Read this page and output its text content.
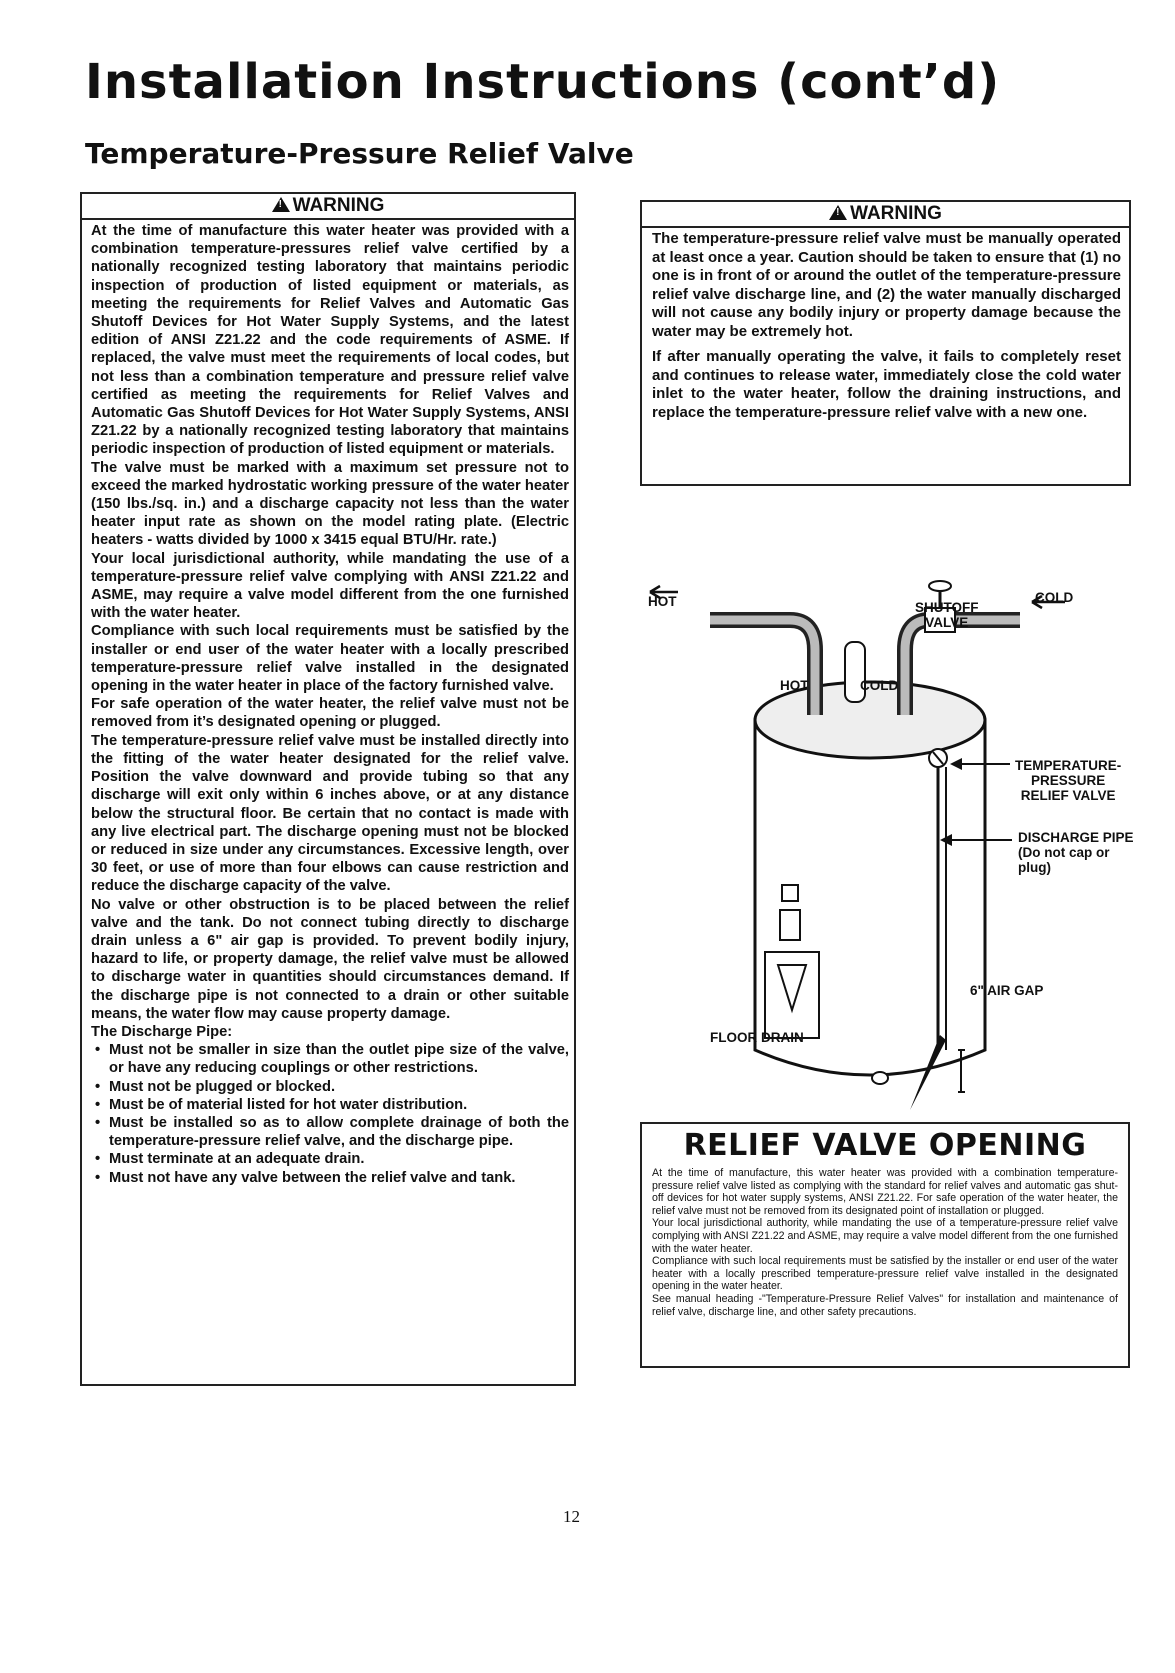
Installation Instructions (cont’d)
Temperature-Pressure Relief Valve
!WARNING

At the time of manufacture this water heater was provided with a combination temperature-pressures relief valve certified by a nationally recognized testing laboratory that maintains periodic inspection of production of listed equipment or materials, as meeting the requirements for Relief Valves and Automatic Gas Shutoff Devices for Hot Water Supply Systems, and the latest edition of ANSI Z21.22 and the code requirements of ASME. If replaced, the valve must meet the requirements of local codes, but not less than a combination temperature and pressure relief valve certified as meeting the requirements for Relief Valves and Automatic Gas Shutoff Devices for Hot Water Supply Systems, ANSI Z21.22 by a nationally recognized testing laboratory that maintains periodic inspection of production of listed equipment or materials.

The valve must be marked with a maximum set pressure not to exceed the marked hydrostatic working pressure of the water heater (150 lbs./sq. in.) and a discharge capacity not less than the water heater input rate as shown on the model rating plate. (Electric heaters - watts divided by 1000 x 3415 equal BTU/Hr. rate.)

Your local jurisdictional authority, while mandating the use of a temperature-pressure relief valve complying with ANSI Z21.22 and ASME, may require a valve model different from the one furnished with the water heater.

Compliance with such local requirements must be satisfied by the installer or end user of the water heater with a locally prescribed temperature-pressure relief valve installed in the designated opening in the water heater in place of the factory furnished valve.

For safe operation of the water heater, the relief valve must not be removed from it’s designated opening or plugged.

The temperature-pressure relief valve must be installed directly into the fitting of the water heater designated for the relief valve. Position the valve downward and provide tubing so that any discharge will exit only within 6 inches above, or at any distance below the structural floor. Be certain that no contact is made with any live electrical part. The discharge opening must not be blocked or reduced in size under any circumstances. Excessive length, over 30 feet, or use of more than four elbows can cause restriction and reduce the discharge capacity of the valve.

No valve or other obstruction is to be placed between the relief valve and the tank. Do not connect tubing directly to discharge drain unless a 6" air gap is provided. To prevent bodily injury, hazard to life, or property damage, the relief valve must be allowed to discharge water in quantities should circumstances demand. If the discharge pipe is not connected to a drain or other suitable means, the water flow may cause property damage.

The Discharge Pipe:

• Must not be smaller in size than the outlet pipe size of the valve, or have any reducing couplings or other restrictions.
• Must not be plugged or blocked.
• Must be of material listed for hot water distribution.
• Must be installed so as to allow complete drainage of both the temperature-pressure relief valve, and the discharge pipe.
• Must terminate at an adequate drain.
• Must not have any valve between the relief valve and tank.
!WARNING

The temperature-pressure relief valve must be manually operated at least once a year. Caution should be taken to ensure that (1) no one is in front of or around the outlet of the temperature-pressure relief valve discharge line, and (2) the water manually discharged will not cause any bodily injury or property damage because the water may be extremely hot.

If after manually operating the valve, it fails to completely reset and continues to release water, immediately close the cold water inlet to the water heater, follow the draining instructions, and replace the temperature-pressure relief valve with a new one.

HOT	COLD
SHUTOFF
VALVE
HOT	COLD
TEMPERATURE-
PRESSURE
RELIEF VALVE
DISCHARGE PIPE
(Do not cap or plug)
6" AIR GAP
FLOOR DRAIN
RELIEF VALVE OPENING

At the time of manufacture, this water heater was provided with a combination temperature-pressure relief valve listed as complying with the standard for relief valves and automatic gas shut-off devices for hot water supply systems, ANSI Z21.22. For safe operation of the water heater, the relief valve must not be removed from its designated point of installation or plugged.

Your local jurisdictional authority, while mandating the use of a temperature-pressure relief valve complying with ANSI Z21.22 and ASME, may require a valve model different from the one furnished with the water heater.

Compliance with such local requirements must be satisfied by the installer or end user of the water heater with a locally prescribed temperature-pressure relief valve installed in the designated opening in the water heater.

See manual heading -"Temperature-Pressure Relief Valves" for installation and maintenance of relief valve, discharge line, and other safety precautions.

12
